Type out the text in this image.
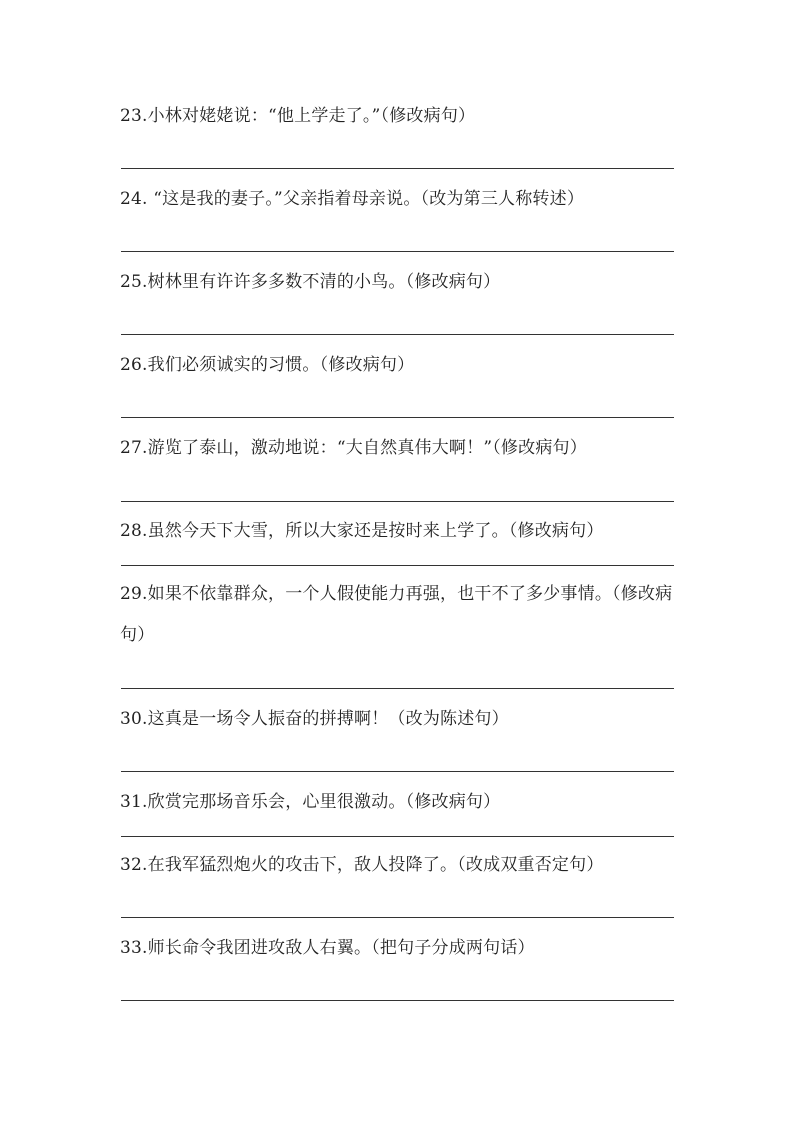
23.小林对姥姥说：“他上学走了。”（修改病句）
24. “这是我的妻子。”父亲指着母亲说。（改为第三人称转述）
25.树林里有许许多多数不清的小鸟。（修改病句）
26.我们必须诚实的习惯。（修改病句）
27.游览了泰山，激动地说：“大自然真伟大啊！”（修改病句）
28.虽然今天下大雪，所以大家还是按时来上学了。（修改病句）
29.如果不依靠群众，一个人假使能力再强，也干不了多少事情。（修改病句）
30.这真是一场令人振奋的拼搏啊！（改为陈述句）
31.欣赏完那场音乐会，心里很激动。（修改病句）
32.在我军猛烈炮火的攻击下，敌人投降了。（改成双重否定句）
33.师长命令我团进攻敌人右翼。（把句子分成两句话）
